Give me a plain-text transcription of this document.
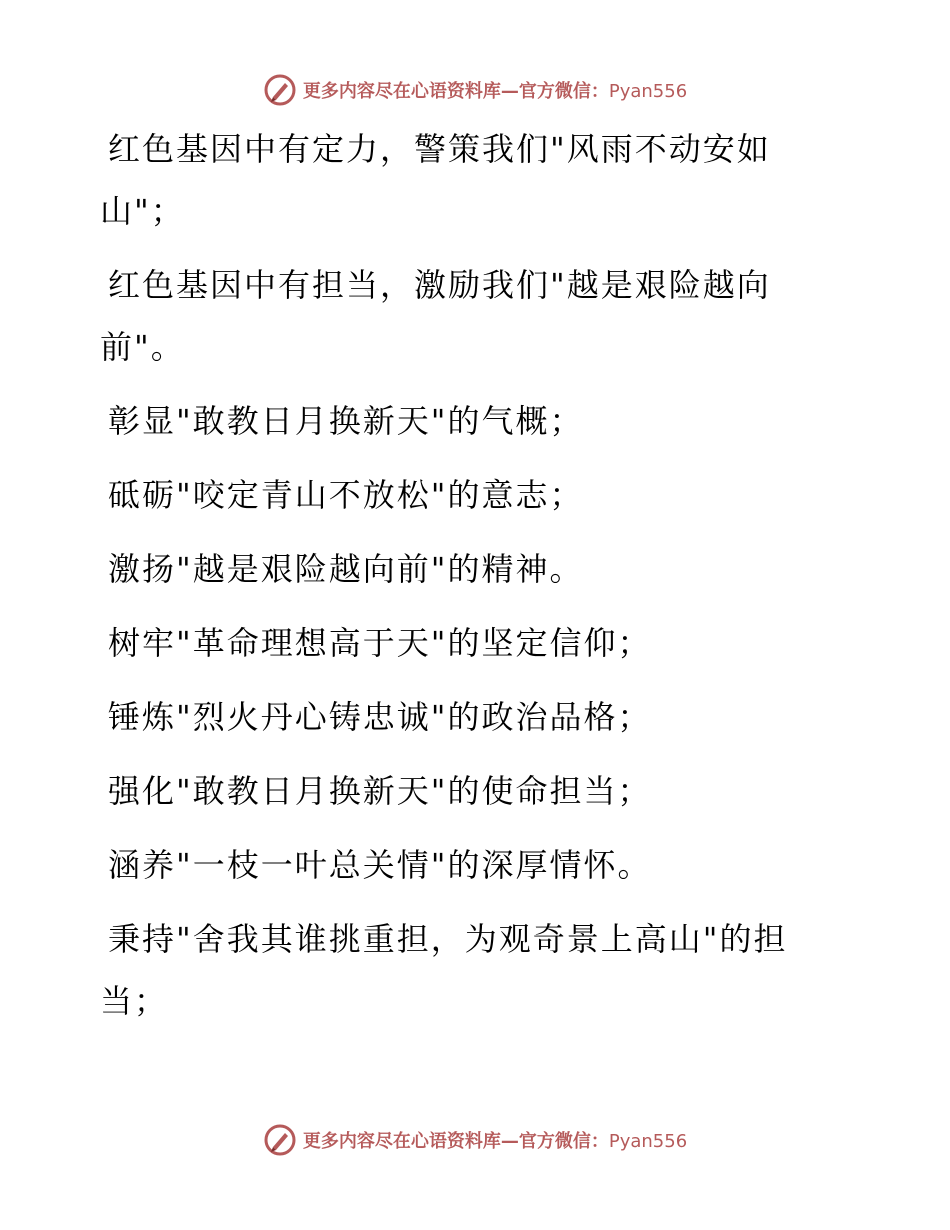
更多内容尽在心语资料库—官方微信：Pyan556

红色基因中有定力，警策我们"风雨不动安如山"；

红色基因中有担当，激励我们"越是艰险越向前"。

彰显"敢教日月换新天"的气概；

砥砺"咬定青山不放松"的意志；

激扬"越是艰险越向前"的精神。

树牢"革命理想高于天"的坚定信仰；

锤炼"烈火丹心铸忠诚"的政治品格；

强化"敢教日月换新天"的使命担当；

涵养"一枝一叶总关情"的深厚情怀。

秉持"舍我其谁挑重担，为观奇景上高山"的担当；

更多内容尽在心语资料库—官方微信：Pyan556
